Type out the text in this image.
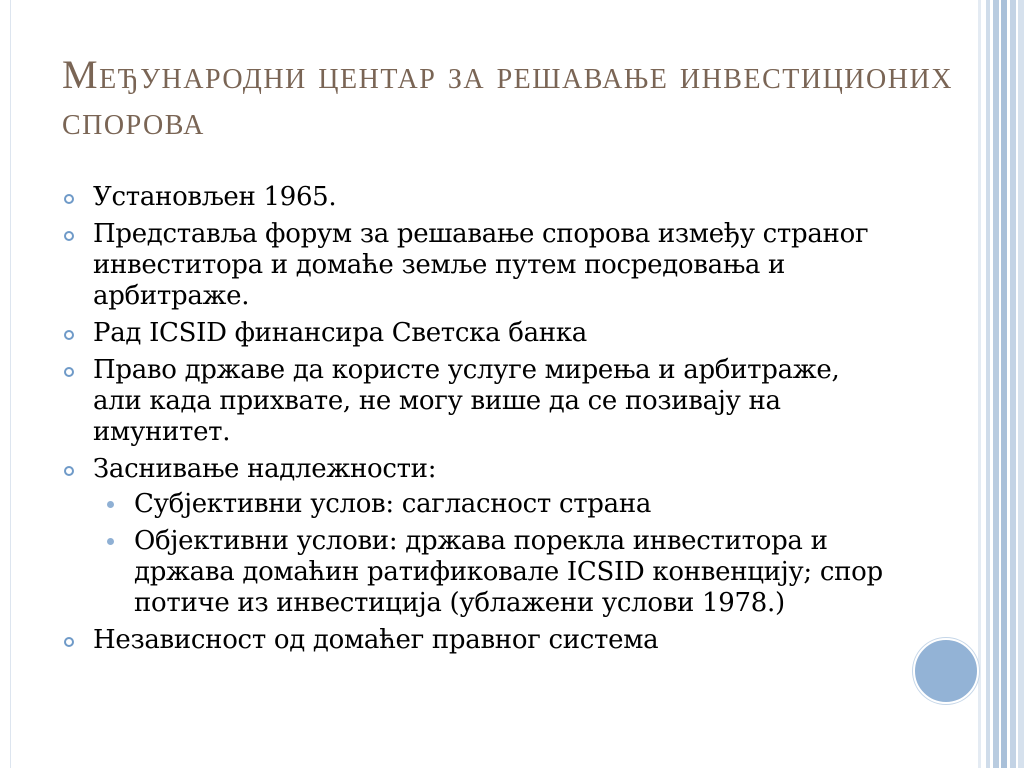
Међународни центар за решавање инвестиционих спорова
Установљен 1965.
Представља форум за решавање спорова између страног инвеститора и домаће земље путем посредовања и арбитраже.
Рад ICSID финансира Светска банка
Право државе да користе услуге мирења и арбитраже, али када прихвате, не могу више да се позивају на имунитет.
Заснивање надлежности:
Субјективни услов: сагласност страна
Објективни услови: држава порекла инвеститора и држава домаћин ратификовале ICSID конвенцију; спор потиче из инвестиција (ублажени услови 1978.)
Независност од домаћег правног система
